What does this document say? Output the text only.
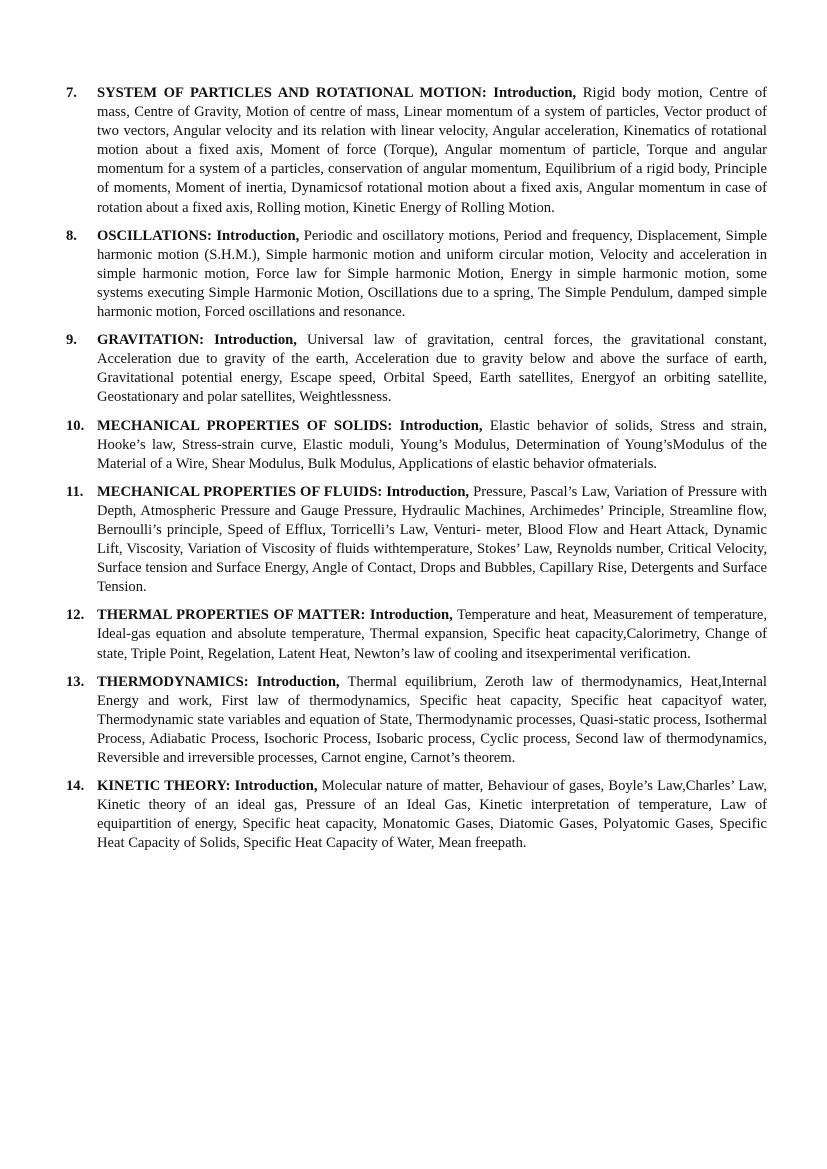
7.	SYSTEM OF PARTICLES AND ROTATIONAL MOTION: Introduction, Rigid body motion, Centre of mass, Centre of Gravity, Motion of centre of mass, Linear momentum of a system of particles, Vector product of two vectors, Angular velocity and its relation with linear velocity, Angular acceleration, Kinematics of rotational motion about a fixed axis, Moment of force (Torque), Angular momentum of particle, Torque and angular momentum for a system of a particles, conservation of angular momentum, Equilibrium of a rigid body, Principle of moments, Moment of inertia, Dynamicsof rotational motion about a fixed axis, Angular momentum in case of rotation about a fixed axis, Rolling motion, Kinetic Energy of Rolling Motion.
8.	OSCILLATIONS: Introduction, Periodic and oscillatory motions, Period and frequency, Displacement, Simple harmonic motion (S.H.M.), Simple harmonic motion and uniform circular motion, Velocity and acceleration in simple harmonic motion, Force law for Simple harmonic Motion, Energy in simple harmonic motion, some systems executing Simple Harmonic Motion, Oscillations due to a spring, The Simple Pendulum, damped simple harmonic motion, Forced oscillations and resonance.
9.	GRAVITATION: Introduction, Universal law of gravitation, central forces, the gravitational constant, Acceleration due to gravity of the earth, Acceleration due to gravity below and above the surface of earth, Gravitational potential energy, Escape speed, Orbital Speed, Earth satellites, Energyof an orbiting satellite, Geostationary and polar satellites, Weightlessness.
10. MECHANICAL PROPERTIES OF SOLIDS: Introduction, Elastic behavior of solids, Stress and strain, Hooke’s law, Stress-strain curve, Elastic moduli, Young’s Modulus, Determination of Young’sModulus of the Material of a Wire, Shear Modulus, Bulk Modulus, Applications of elastic behavior ofmaterials.
11. MECHANICAL PROPERTIES OF FLUIDS: Introduction, Pressure, Pascal’s Law, Variation of Pressure with Depth, Atmospheric Pressure and Gauge Pressure, Hydraulic Machines, Archimedes’ Principle, Streamline flow, Bernoulli’s principle, Speed of Efflux, Torricelli’s Law, Venturi- meter, Blood Flow and Heart Attack, Dynamic Lift, Viscosity, Variation of Viscosity of fluids withtemperature, Stokes’ Law, Reynolds number, Critical Velocity, Surface tension and Surface Energy, Angle of Contact, Drops and Bubbles, Capillary Rise, Detergents and Surface Tension.
12. THERMAL PROPERTIES OF MATTER: Introduction, Temperature and heat, Measurement of temperature, Ideal-gas equation and absolute temperature, Thermal expansion, Specific heat capacity,Calorimetry, Change of state, Triple Point, Regelation, Latent Heat, Newton’s law of cooling and itsexperimental verification.
13. THERMODYNAMICS: Introduction, Thermal equilibrium, Zeroth law of thermodynamics, Heat,Internal Energy and work, First law of thermodynamics, Specific heat capacity, Specific heat capacityof water, Thermodynamic state variables and equation of State, Thermodynamic processes, Quasi-static process, Isothermal Process, Adiabatic Process, Isochoric Process, Isobaric process, Cyclic process, Second law of thermodynamics, Reversible and irreversible processes, Carnot engine, Carnot’s theorem.
14. KINETIC THEORY: Introduction, Molecular nature of matter, Behaviour of gases, Boyle’s Law,Charles’ Law, Kinetic theory of an ideal gas, Pressure of an Ideal Gas, Kinetic interpretation of temperature, Law of equipartition of energy, Specific heat capacity, Monatomic Gases, Diatomic Gases, Polyatomic Gases, Specific Heat Capacity of Solids, Specific Heat Capacity of Water, Mean freepath.
